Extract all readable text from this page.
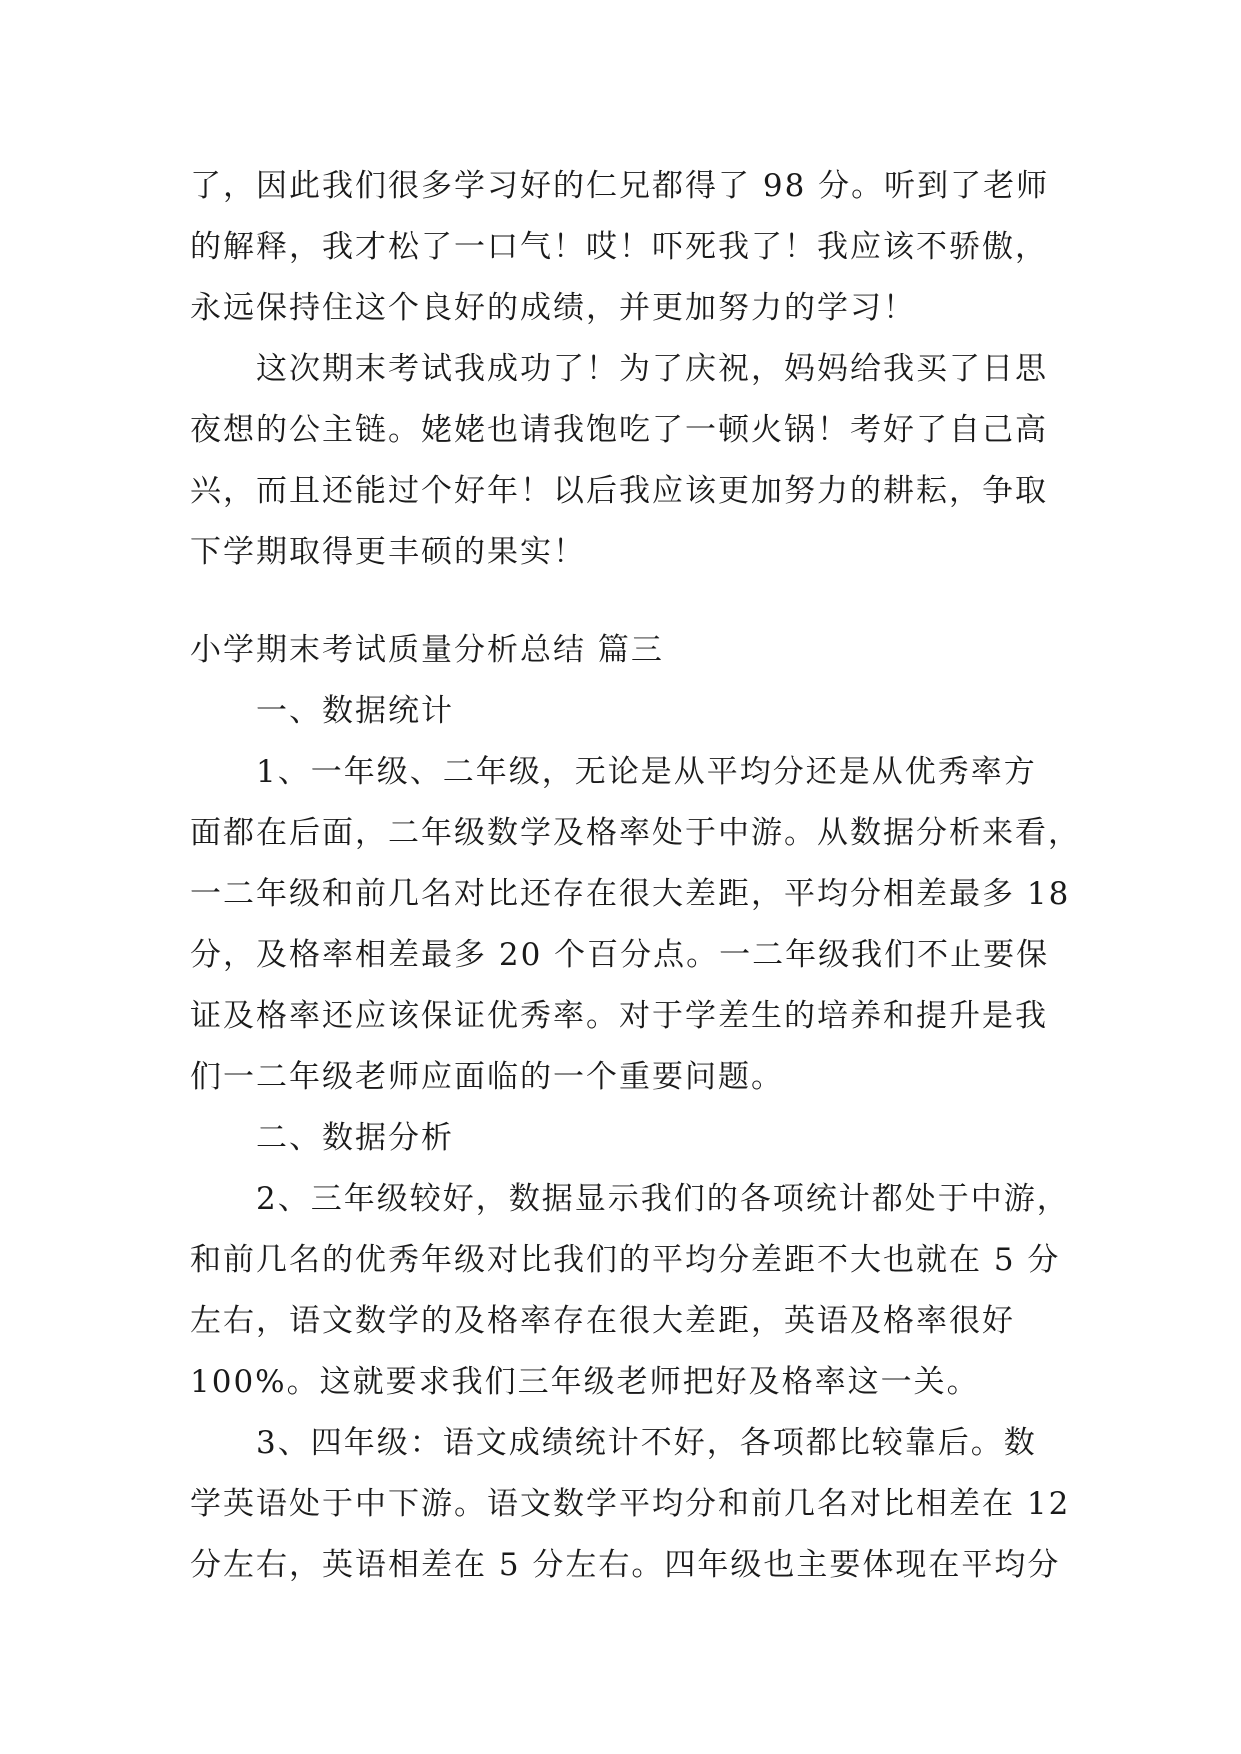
了，因此我们很多学习好的仁兄都得了 98 分。听到了老师
的解释，我才松了一口气！哎！吓死我了！我应该不骄傲，
永远保持住这个良好的成绩，并更加努力的学习！
这次期末考试我成功了！为了庆祝，妈妈给我买了日思
夜想的公主链。姥姥也请我饱吃了一顿火锅！考好了自己高
兴，而且还能过个好年！以后我应该更加努力的耕耘，争取
下学期取得更丰硕的果实！
小学期末考试质量分析总结 篇三
一、数据统计
1、一年级、二年级，无论是从平均分还是从优秀率方
面都在后面，二年级数学及格率处于中游。从数据分析来看，
一二年级和前几名对比还存在很大差距，平均分相差最多 18
分，及格率相差最多 20 个百分点。一二年级我们不止要保
证及格率还应该保证优秀率。对于学差生的培养和提升是我
们一二年级老师应面临的一个重要问题。
二、数据分析
2、三年级较好，数据显示我们的各项统计都处于中游，
和前几名的优秀年级对比我们的平均分差距不大也就在 5 分
左右，语文数学的及格率存在很大差距，英语及格率很好
100%。这就要求我们三年级老师把好及格率这一关。
3、四年级：语文成绩统计不好，各项都比较靠后。数
学英语处于中下游。语文数学平均分和前几名对比相差在 12
分左右，英语相差在 5 分左右。四年级也主要体现在平均分
